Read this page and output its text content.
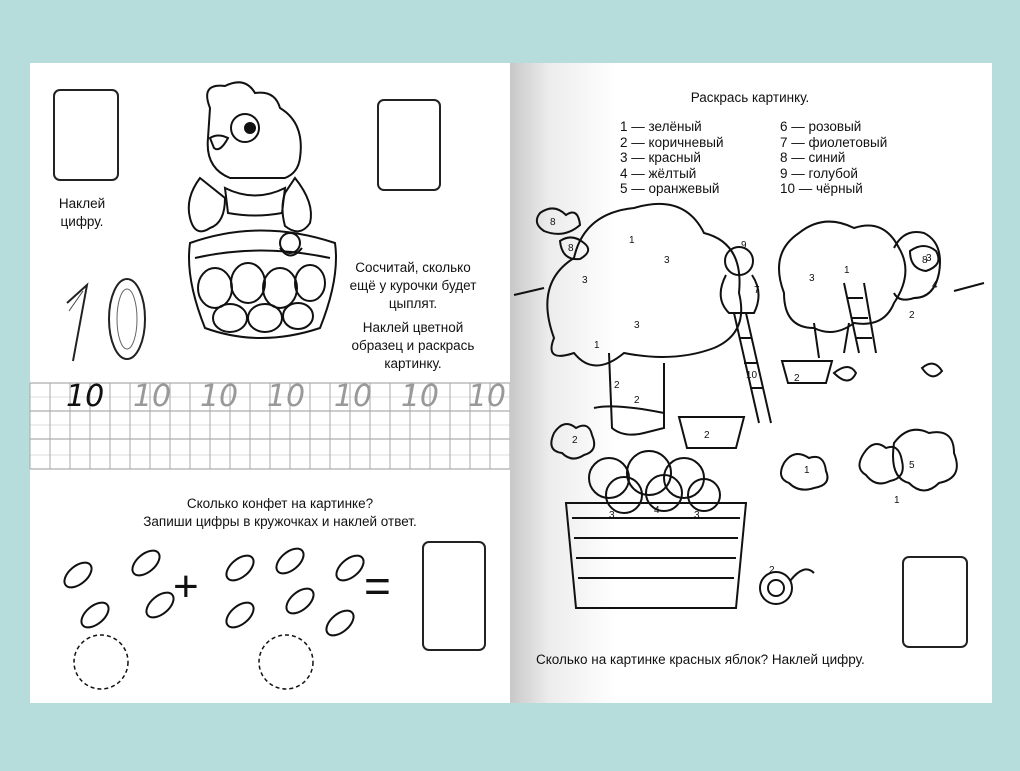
Наклей
цифру.
Сосчитай, сколько
ещё у курочки будет
цыплят.
Наклей цветной
образец и раскрась
картинку.
10 10 10 10 10 10 10
Сколько конфет на картинке?
Запиши цифры в кружочках и наклей ответ.
+	=
Раскрась картинку.
1 — зелёный
2 — коричневый
3 — красный
4 — жёлтый
5 — оранжевый
6 — розовый
7 — фиолетовый
8 — синий
9 — голубой
10 — чёрный
8
8
8
1
3
3
3
1
2
2
3
1
3
4
2
9
7
10	2
2
2
5
1
1
3	4	3
2
Сколько на картинке красных яблок? Наклей цифру.
